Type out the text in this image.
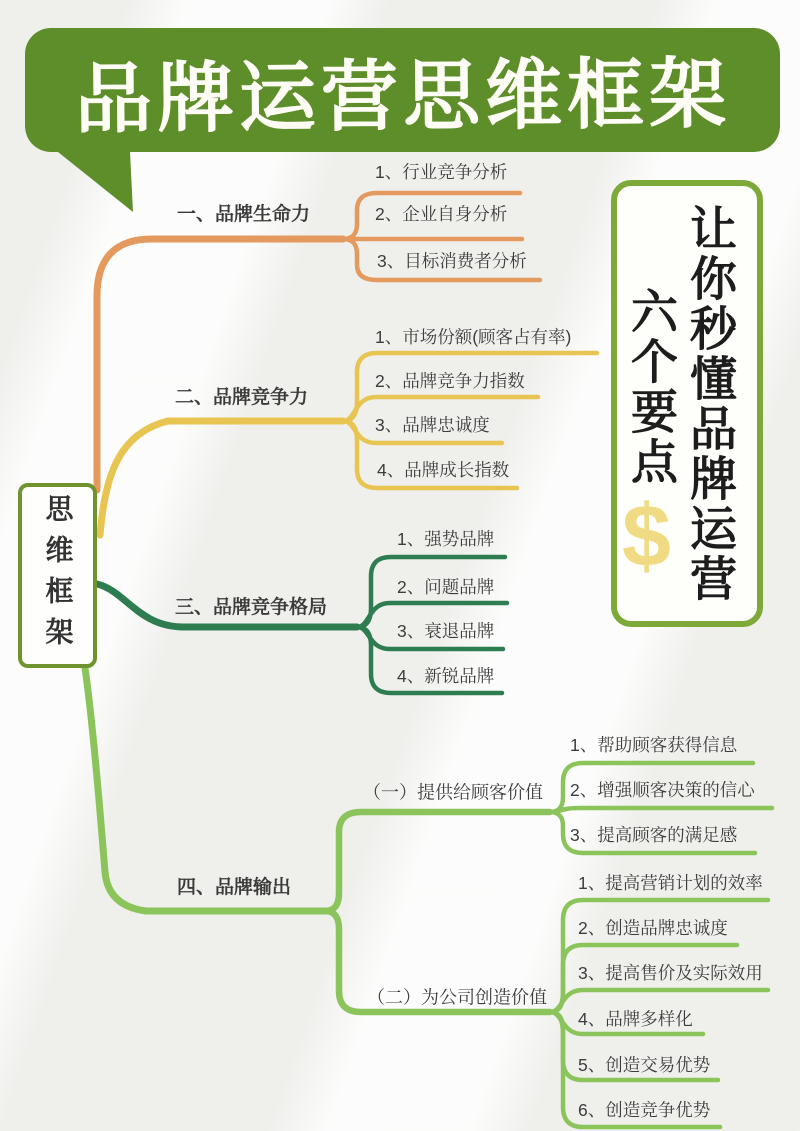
品牌运营思维框架
思维框架	让你秒懂品牌运营
六个要点
$
一、品牌生命力
1、行业竞争分析
2、企业自身分析
3、目标消费者分析
二、品牌竞争力
1、市场份额(顾客占有率)
2、品牌竞争力指数
3、品牌忠诚度
4、品牌成长指数
三、品牌竞争格局
1、强势品牌
2、问题品牌
3、衰退品牌
4、新锐品牌
四、品牌输出
（一）提供给顾客价值
1、帮助顾客获得信息
2、增强顺客决策的信心
3、提高顾客的满足感
（二）为公司创造价值
1、提高营销计划的效率
2、创造品牌忠诚度
3、提高售价及实际效用
4、品牌多样化
5、创造交易优势
6、创造竞争优势
